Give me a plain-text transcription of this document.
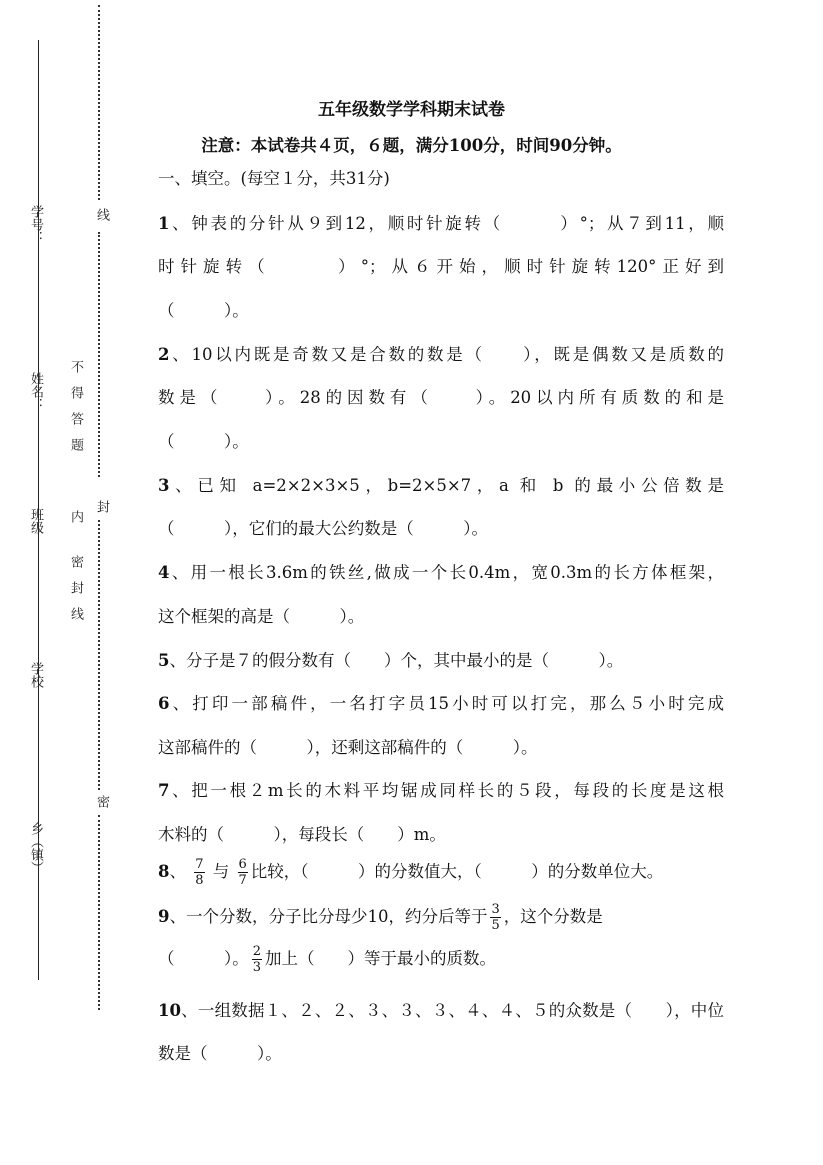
学号：
姓名：
班级
学校
乡（镇）
线
不　得　答　题
内
封
密　封　线
密
五年级数学学科期末试卷
注意：本试卷共４页，６题，满分100分，时间90分钟。
一、填空。(每空１分，共31分)
1、钟表的分针从９到12，顺时针旋转（　　　）°；从７到11，顺
时针旋转（　　　）°；从６开始，顺时针旋转120°正好到
（　　　）。
2、10以内既是奇数又是合数的数是（　　），既是偶数又是质数的
数是（　　）。28的因数有（　　）。20以内所有质数的和是
（　　　）。
3、已知 a=2×2×3×5，b=2×5×7，a 和 b 的最小公倍数是
（　　　），它们的最大公约数是（　　　）。
4、用一根长3.6m的铁丝,做成一个长0.4m，宽0.3m的长方体框架，
这个框架的高是（　　　）。
5、分子是７的假分数有（　　）个，其中最小的是（　　　）。
6、打印一部稿件，一名打字员15小时可以打完，那么５小时完成
这部稿件的（　　　），还剩这部稿件的（　　　）。
7、把一根２m长的木料平均锯成同样长的５段，每段的长度是这根
木料的（　　　），每段长（　　）m。
8、 $\frac{7}{8}$ 与 $\frac{6}{7}$ 比较，（　　　）的分数值大，（　　　）的分数单位大。
9、一个分数，分子比分母少10，约分后等于 $\frac{3}{5}$ ，这个分数是
（　　　）。 $\frac{2}{3}$ 加上（　　）等于最小的质数。
10、一组数据１、２、２、３、３、３、４、４、５的众数是（　　），中位
数是（　　　）。
